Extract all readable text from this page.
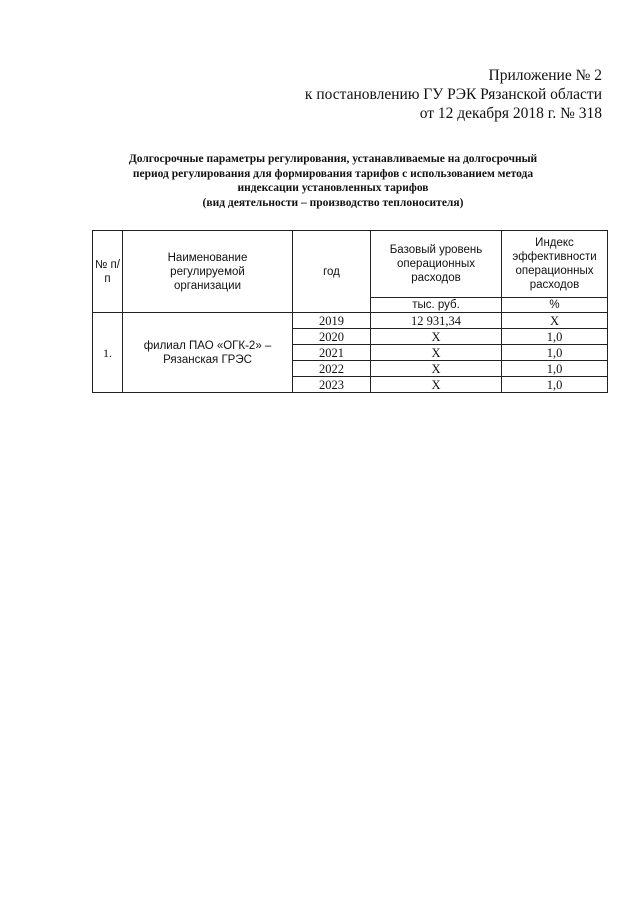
Приложение № 2
к постановлению ГУ РЭК Рязанской области
от 12 декабря 2018 г. № 318
Долгосрочные параметры регулирования, устанавливаемые на долгосрочный
период регулирования для формирования тарифов с использованием метода
индексации установленных тарифов
(вид деятельности – производство теплоносителя)
№ п/п	Наименование регулируемой организации	год	Базовый уровень операционных расходов	Индекс эффективности операционных расходов
			тыс. руб.	%
1.	филиал ПАО «ОГК-2» – Рязанская ГРЭС	2019	12 931,34	Х
		2020	Х	1,0
		2021	Х	1,0
		2022	Х	1,0
		2023	Х	1,0
